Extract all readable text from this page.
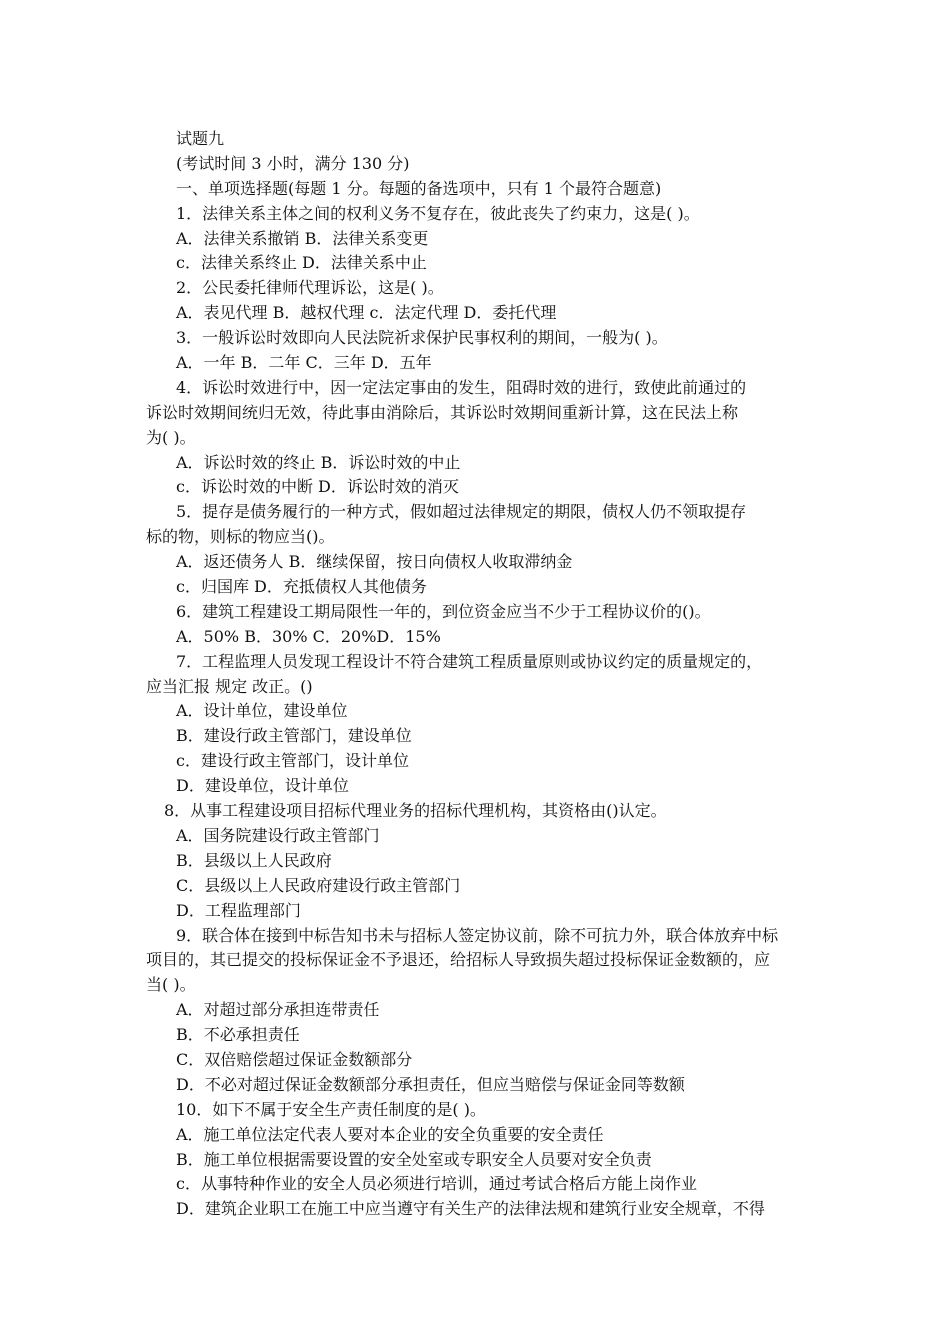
试题九
(考试时间 3 小时，满分 130 分)
一、单项选择题(每题 1 分。每题的备选项中，只有 1 个最符合题意)
1．法律关系主体之间的权利义务不复存在，彼此丧失了约束力，这是( )。
A．法律关系撤销 B．法律关系变更
c．法律关系终止 D．法律关系中止
2．公民委托律师代理诉讼，这是( )。
A．表见代理 B．越权代理 c．法定代理 D．委托代理
3．一般诉讼时效即向人民法院祈求保护民事权利的期间，一般为( )。
A．一年 B．二年 C．三年 D．五年
4．诉讼时效进行中，因一定法定事由的发生，阻碍时效的进行，致使此前通过的
诉讼时效期间统归无效，待此事由消除后，其诉讼时效期间重新计算，这在民法上称
为( )。
A．诉讼时效的终止 B．诉讼时效的中止
c．诉讼时效的中断 D．诉讼时效的消灭
5．提存是债务履行的一种方式，假如超过法律规定的期限，债权人仍不领取提存
标的物，则标的物应当()。
A．返还债务人 B．继续保留，按日向债权人收取滞纳金
c．归国库 D．充抵债权人其他债务
6．建筑工程建设工期局限性一年的，到位资金应当不少于工程协议价的()。
A．50% B．30% C．20%D．15%
7．工程监理人员发现工程设计不符合建筑工程质量原则或协议约定的质量规定的，
应当汇报 规定 改正。()
A．设计单位，建设单位
B．建设行政主管部门，建设单位
c．建设行政主管部门，设计单位
D．建设单位，设计单位
8．从事工程建设项目招标代理业务的招标代理机构，其资格由()认定。
A．国务院建设行政主管部门
B．县级以上人民政府
C．县级以上人民政府建设行政主管部门
D．工程监理部门
9．联合体在接到中标告知书未与招标人签定协议前，除不可抗力外，联合体放弃中标
项目的，其已提交的投标保证金不予退还，给招标人导致损失超过投标保证金数额的，应
当( )。
A．对超过部分承担连带责任
B．不必承担责任
C．双倍赔偿超过保证金数额部分
D．不必对超过保证金数额部分承担责任，但应当赔偿与保证金同等数额
10．如下不属于安全生产责任制度的是( )。
A．施工单位法定代表人要对本企业的安全负重要的安全责任
B．施工单位根据需要设置的安全处室或专职安全人员要对安全负责
c．从事特种作业的安全人员必须进行培训，通过考试合格后方能上岗作业
D．建筑企业职工在施工中应当遵守有关生产的法律法规和建筑行业安全规章，不得
